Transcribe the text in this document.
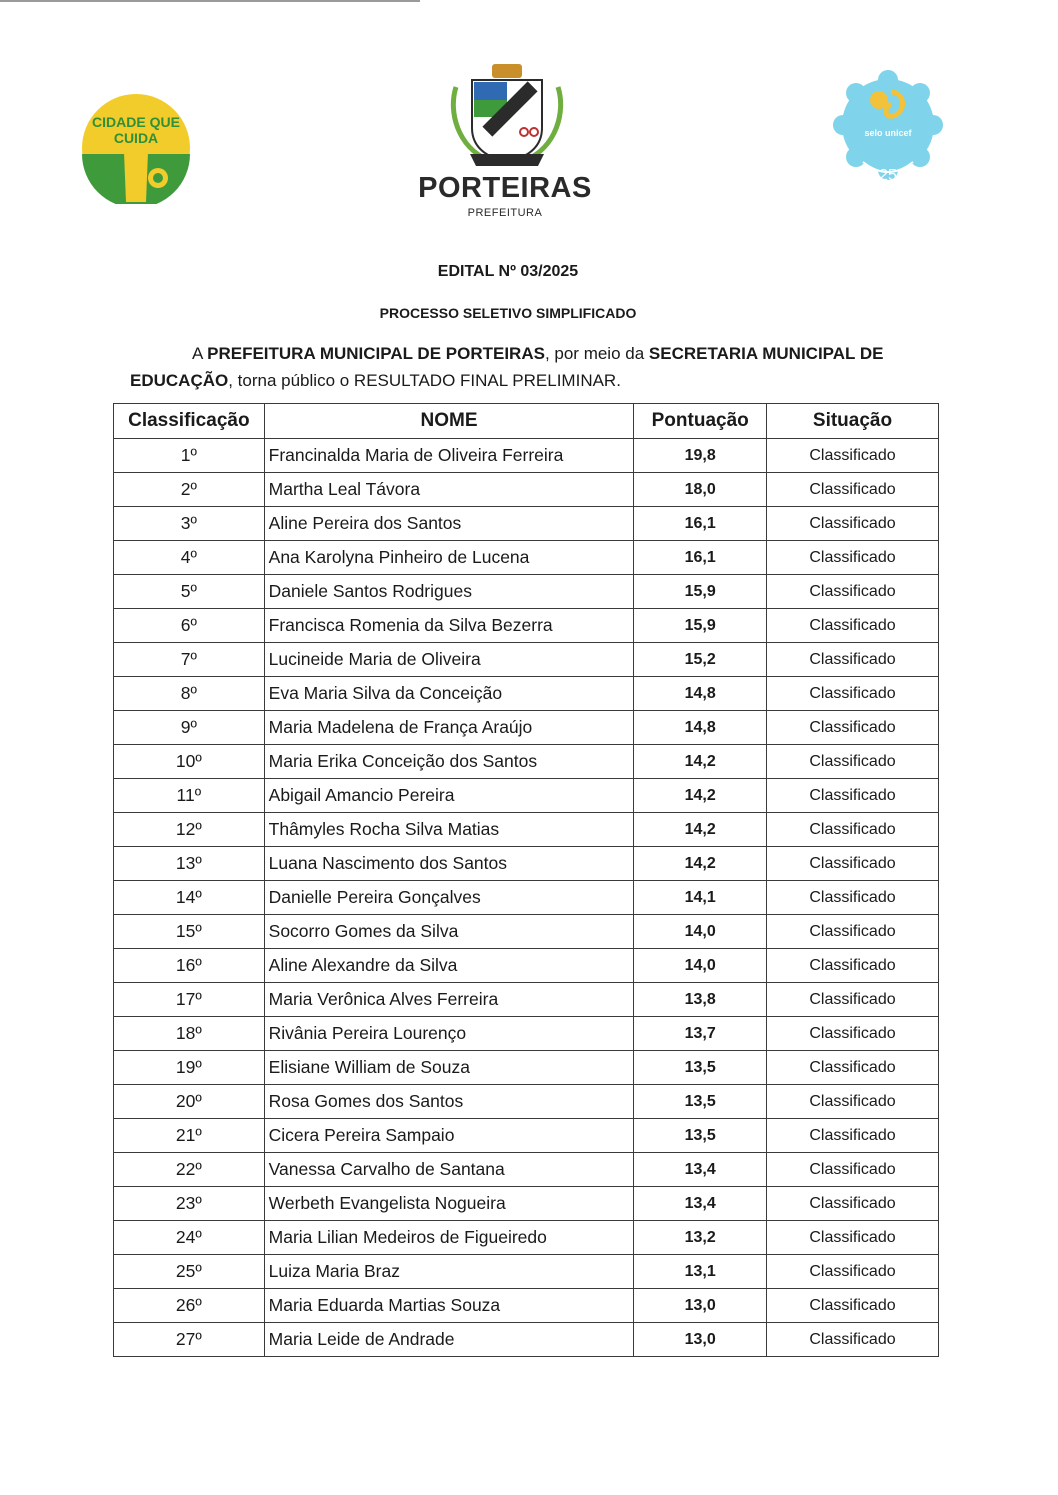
CIDADE QUE CUIDA
PORTEIRAS
PREFEITURA
25
selo unicef
EDITAL Nº 03/2025
PROCESSO SELETIVO SIMPLIFICADO
A PREFEITURA MUNICIPAL DE PORTEIRAS, por meio da SECRETARIA MUNICIPAL DE EDUCAÇÃO, torna público o RESULTADO FINAL PRELIMINAR.
Classificação	NOME	Pontuação	Situação
1º	Francinalda Maria de Oliveira Ferreira	19,8	Classificado
2º	Martha Leal Távora	18,0	Classificado
3º	Aline Pereira dos Santos	16,1	Classificado
4º	Ana Karolyna Pinheiro de Lucena	16,1	Classificado
5º	Daniele Santos Rodrigues	15,9	Classificado
6º	Francisca Romenia da Silva Bezerra	15,9	Classificado
7º	Lucineide Maria de Oliveira	15,2	Classificado
8º	Eva Maria Silva da Conceição	14,8	Classificado
9º	Maria Madelena de França Araújo	14,8	Classificado
10º	Maria Erika Conceição dos Santos	14,2	Classificado
11º	Abigail Amancio Pereira	14,2	Classificado
12º	Thâmyles Rocha Silva Matias	14,2	Classificado
13º	Luana Nascimento dos Santos	14,2	Classificado
14º	Danielle Pereira Gonçalves	14,1	Classificado
15º	Socorro Gomes da Silva	14,0	Classificado
16º	Aline Alexandre da Silva	14,0	Classificado
17º	Maria Verônica Alves Ferreira	13,8	Classificado
18º	Rivânia Pereira Lourenço	13,7	Classificado
19º	Elisiane William de Souza	13,5	Classificado
20º	Rosa Gomes dos Santos	13,5	Classificado
21º	Cicera Pereira Sampaio	13,5	Classificado
22º	Vanessa Carvalho de Santana	13,4	Classificado
23º	Werbeth Evangelista Nogueira	13,4	Classificado
24º	Maria Lilian Medeiros de Figueiredo	13,2	Classificado
25º	Luiza Maria Braz	13,1	Classificado
26º	Maria Eduarda Martias Souza	13,0	Classificado
27º	Maria Leide de Andrade	13,0	Classificado
